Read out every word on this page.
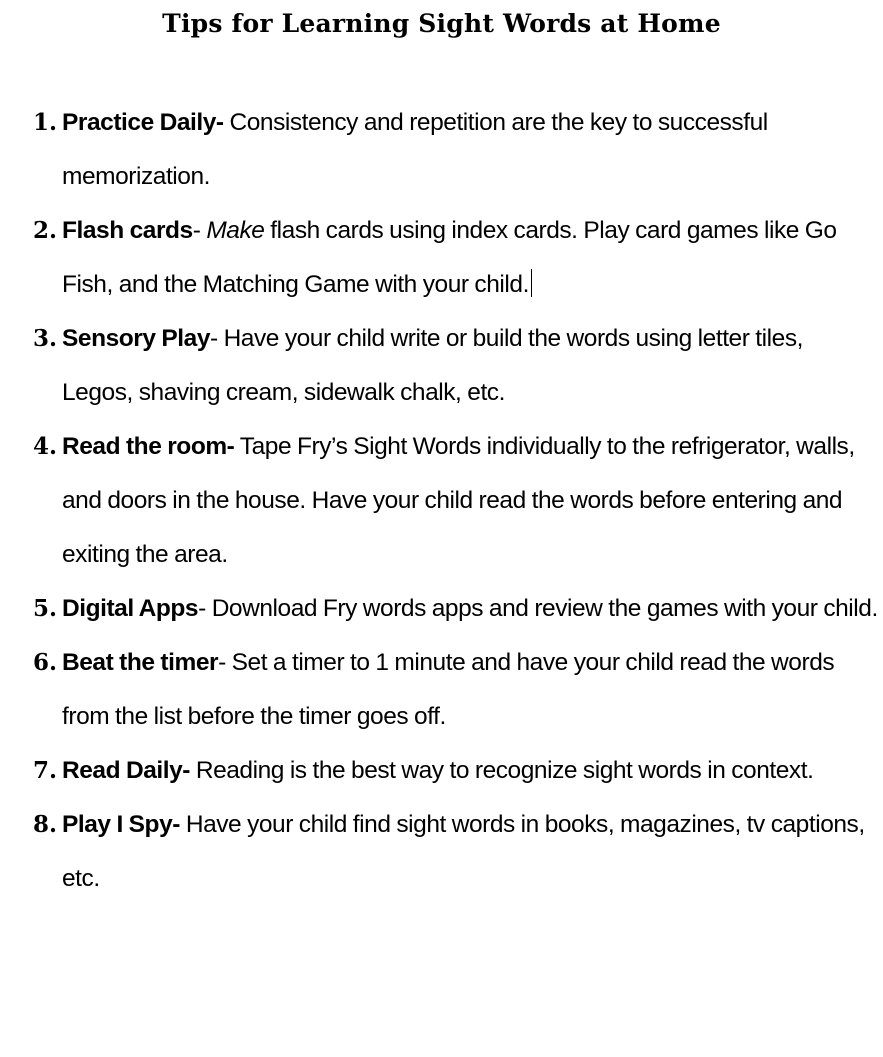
Tips for Learning Sight Words at Home
1. Practice Daily- Consistency and repetition are the key to successful memorization.
2. Flash cards- Make flash cards using index cards. Play card games like Go Fish, and the Matching Game with your child.
3. Sensory Play- Have your child write or build the words using letter tiles, Legos, shaving cream, sidewalk chalk, etc.
4. Read the room- Tape Fry’s Sight Words individually to the refrigerator, walls, and doors in the house. Have your child read the words before entering and exiting the area.
5. Digital Apps- Download Fry words apps and review the games with your child.
6. Beat the timer- Set a timer to 1 minute and have your child read the words from the list before the timer goes off.
7. Read Daily- Reading is the best way to recognize sight words in context.
8. Play I Spy- Have your child find sight words in books, magazines, tv captions, etc.
